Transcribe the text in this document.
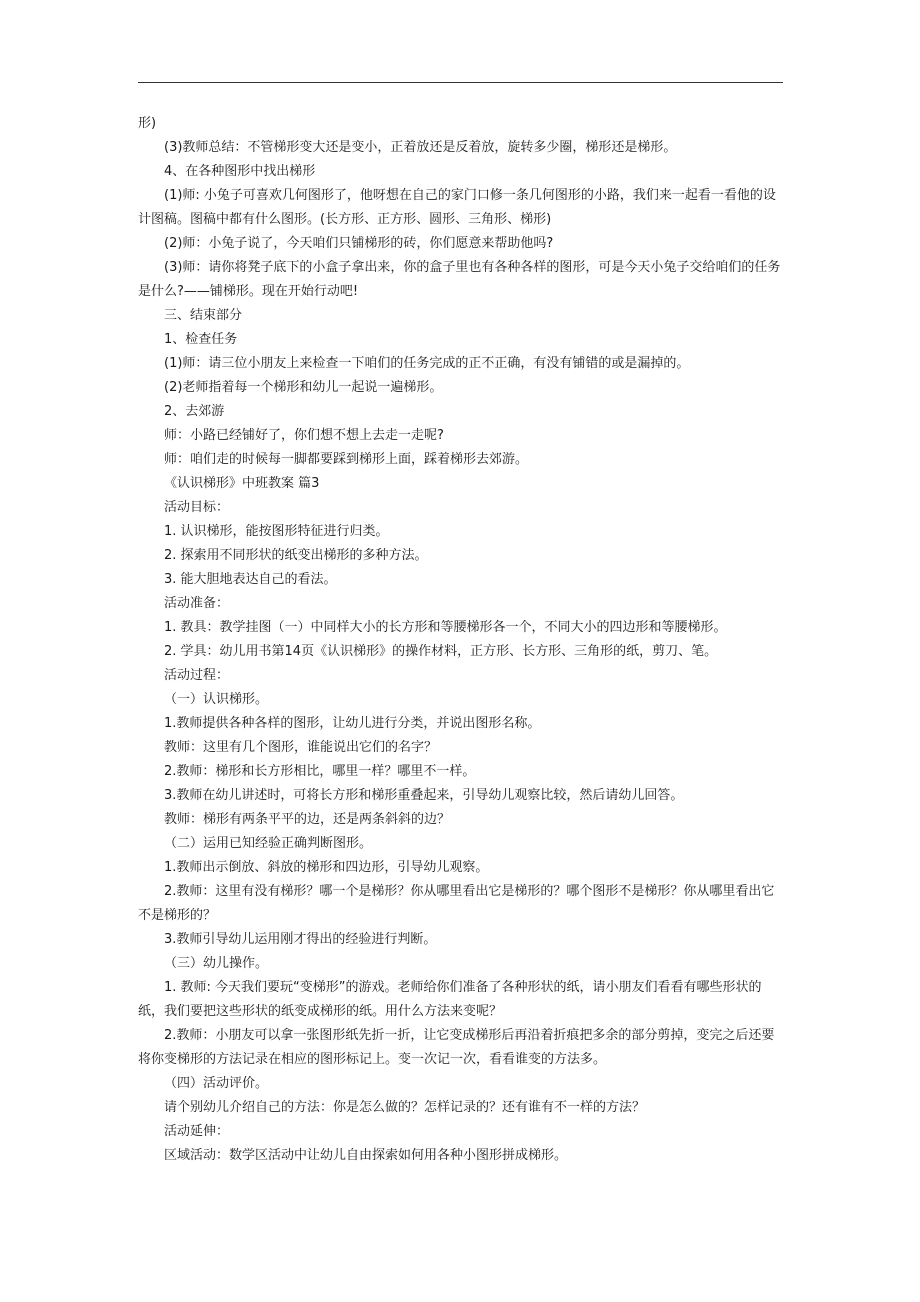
形)
(3)教师总结：不管梯形变大还是变小，正着放还是反着放，旋转多少圈，梯形还是梯形。
4、在各种图形中找出梯形
(1)师: 小兔子可喜欢几何图形了，他呀想在自己的家门口修一条几何图形的小路，我们来一起看一看他的设计图稿。图稿中都有什么图形。(长方形、正方形、圆形、三角形、梯形)
(2)师：小兔子说了，今天咱们只铺梯形的砖，你们愿意来帮助他吗?
(3)师：请你将凳子底下的小盒子拿出来，你的盒子里也有各种各样的图形，可是今天小兔子交给咱们的任务是什么?——铺梯形。现在开始行动吧!
三、结束部分
1、检查任务
(1)师：请三位小朋友上来检查一下咱们的任务完成的正不正确，有没有铺错的或是漏掉的。
(2)老师指着每一个梯形和幼儿一起说一遍梯形。
2、去郊游
师：小路已经铺好了，你们想不想上去走一走呢?
师：咱们走的时候每一脚都要踩到梯形上面，踩着梯形去郊游。
《认识梯形》中班教案 篇3
活动目标：
1. 认识梯形，能按图形特征进行归类。
2. 探索用不同形状的纸变出梯形的多种方法。
3. 能大胆地表达自己的看法。
活动准备：
1. 教具：教学挂图（一）中同样大小的长方形和等腰梯形各一个，不同大小的四边形和等腰梯形。
2. 学具：幼儿用书第14页《认识梯形》的操作材料，正方形、长方形、三角形的纸，剪刀、笔。
活动过程：
（一）认识梯形。
1.教师提供各种各样的图形，让幼儿进行分类，并说出图形名称。
教师：这里有几个图形，谁能说出它们的名字？
2.教师：梯形和长方形相比，哪里一样？哪里不一样。
3.教师在幼儿讲述时，可将长方形和梯形重叠起来，引导幼儿观察比较，然后请幼儿回答。
教师：梯形有两条平平的边，还是两条斜斜的边？
（二）运用已知经验正确判断图形。
1.教师出示倒放、斜放的梯形和四边形，引导幼儿观察。
2.教师：这里有没有梯形？哪一个是梯形？你从哪里看出它是梯形的？哪个图形不是梯形？你从哪里看出它不是梯形的？
3.教师引导幼儿运用刚才得出的经验进行判断。
（三）幼儿操作。
1. 教师: 今天我们要玩“变梯形”的游戏。老师给你们准备了各种形状的纸，请小朋友们看看有哪些形状的纸，我们要把这些形状的纸变成梯形的纸。用什么方法来变呢？
2.教师：小朋友可以拿一张图形纸先折一折，让它变成梯形后再沿着折痕把多余的部分剪掉，变完之后还要将你变梯形的方法记录在相应的图形标记上。变一次记一次，看看谁变的方法多。
（四）活动评价。
请个别幼儿介绍自己的方法：你是怎么做的？怎样记录的？还有谁有不一样的方法？
活动延伸：
区域活动：数学区活动中让幼儿自由探索如何用各种小图形拼成梯形。
